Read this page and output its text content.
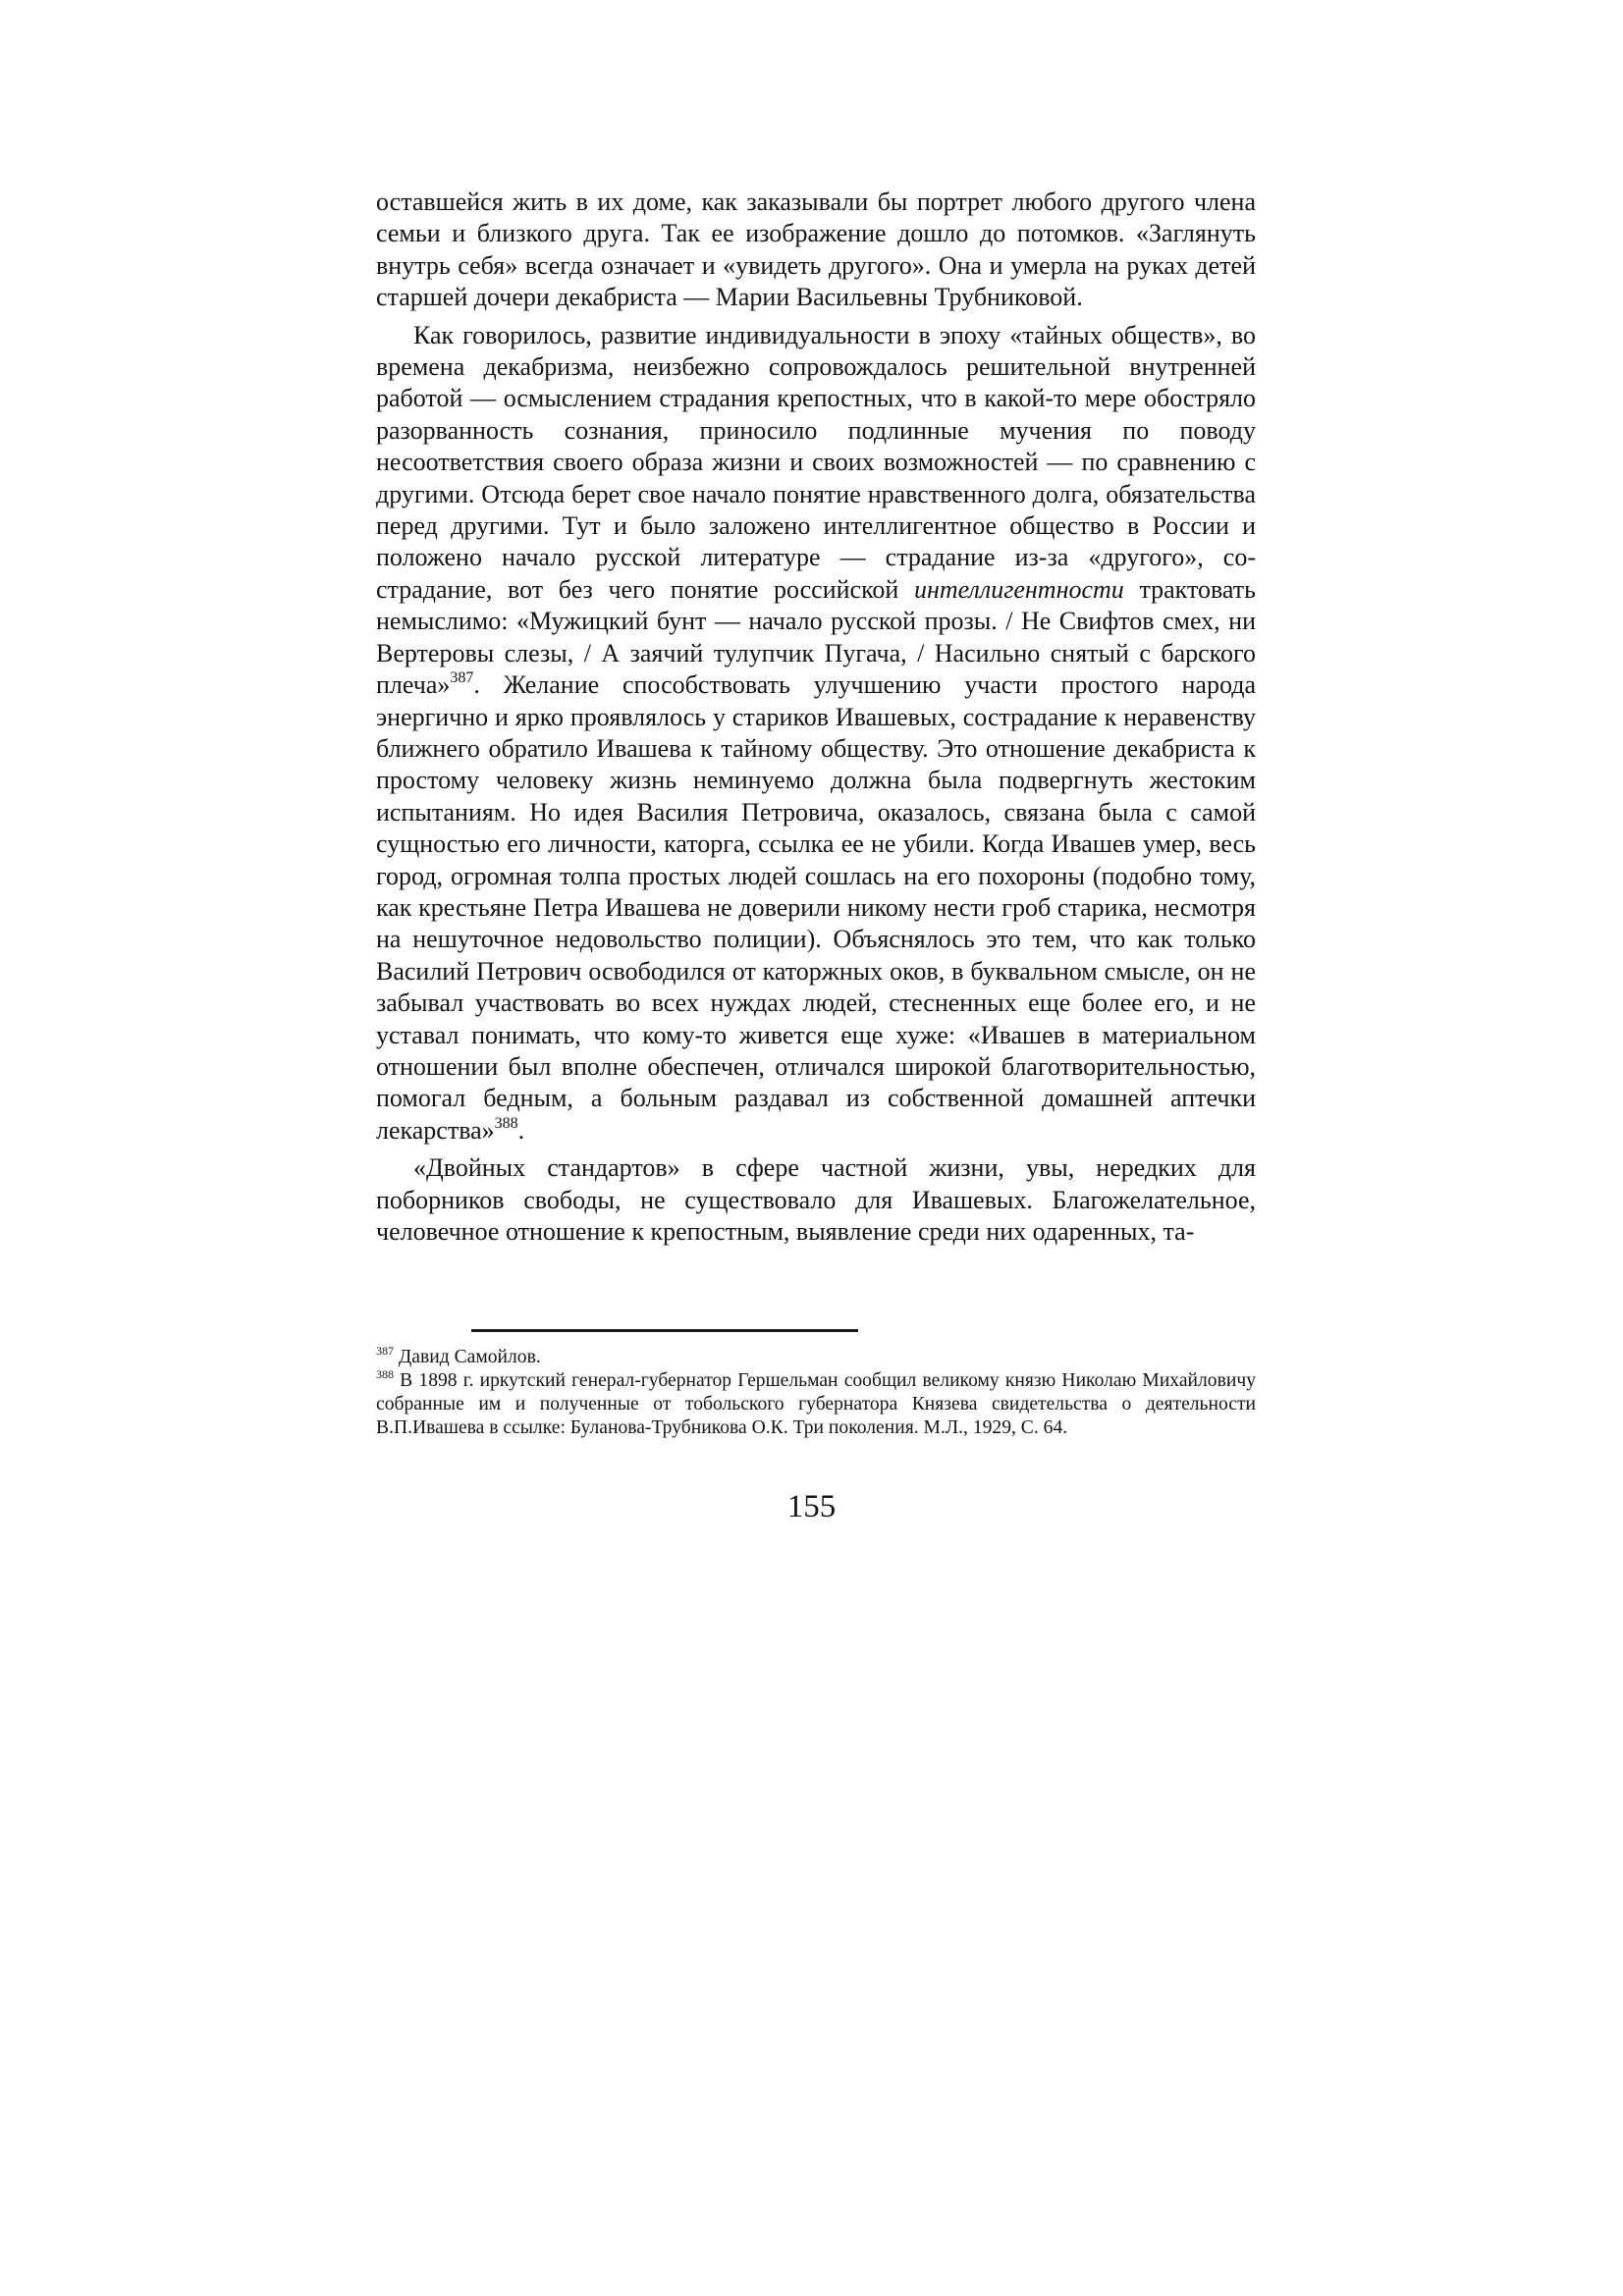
оставшейся жить в их доме, как заказывали бы портрет любого другого члена семьи и близкого друга. Так ее изображение дошло до потомков. «Заглянуть внутрь себя» всегда означает и «увидеть другого». Она и умерла на руках детей старшей дочери декабриста — Марии Васильевны Трубниковой.

Как говорилось, развитие индивидуальности в эпоху «тайных обществ», во времена декабризма, неизбежно сопровождалось решительной внутренней работой — осмыслением страдания крепостных, что в какой-то мере обостряло разорванность сознания, приносило подлинные мучения по поводу несоответствия своего образа жизни и своих возможностей — по сравнению с другими. Отсюда берет свое начало понятие нравственного долга, обязательства перед другими. Тут и было заложено интеллигентное общество в России и положено начало русской литературе — страдание из-за «другого», со-страдание, вот без чего понятие российской интеллигентности трактовать немыслимо: «Мужицкий бунт — начало русской прозы. / Не Свифтов смех, ни Вертеровы слезы, / А заячий тулупчик Пугача, / Насильно снятый с барского плеча»$^{387}$. Желание способствовать улучшению участи простого народа энергично и ярко проявлялось у стариков Ивашевых, сострадание к неравенству ближнего обратило Ивашева к тайному обществу. Это отношение декабриста к простому человеку жизнь неминуемо должна была подвергнуть жестоким испытаниям. Но идея Василия Петровича, оказалось, связана была с самой сущностью его личности, каторга, ссылка ее не убили. Когда Ивашев умер, весь город, огромная толпа простых людей сошлась на его похороны (подобно тому, как крестьяне Петра Ивашева не доверили никому нести гроб старика, несмотря на нешуточное недовольство полиции). Объяснялось это тем, что как только Василий Петрович освободился от каторжных оков, в буквальном смысле, он не забывал участвовать во всех нуждах людей, стесненных еще более его, и не уставал понимать, что кому-то живется еще хуже: «Ивашев в материальном отношении был вполне обеспечен, отличался широкой благотворительностью, помогал бедным, а больным раздавал из собственной домашней аптечки лекарства»$^{388}$.

«Двойных стандартов» в сфере частной жизни, увы, нередких для поборников свободы, не существовало для Ивашевых. Благожелательное, человечное отношение к крепостным, выявление среди них одаренных, та-

$^{387}$ Давид Самойлов.

$^{388}$ В 1898 г. иркутский генерал-губернатор Гершельман сообщил великому князю Николаю Михайловичу собранные им и полученные от тобольского губернатора Князева свидетельства о деятельности В.П.Ивашева в ссылке: Буланова-Трубникова О.К. Три поколения. М.Л., 1929, С. 64.

155
